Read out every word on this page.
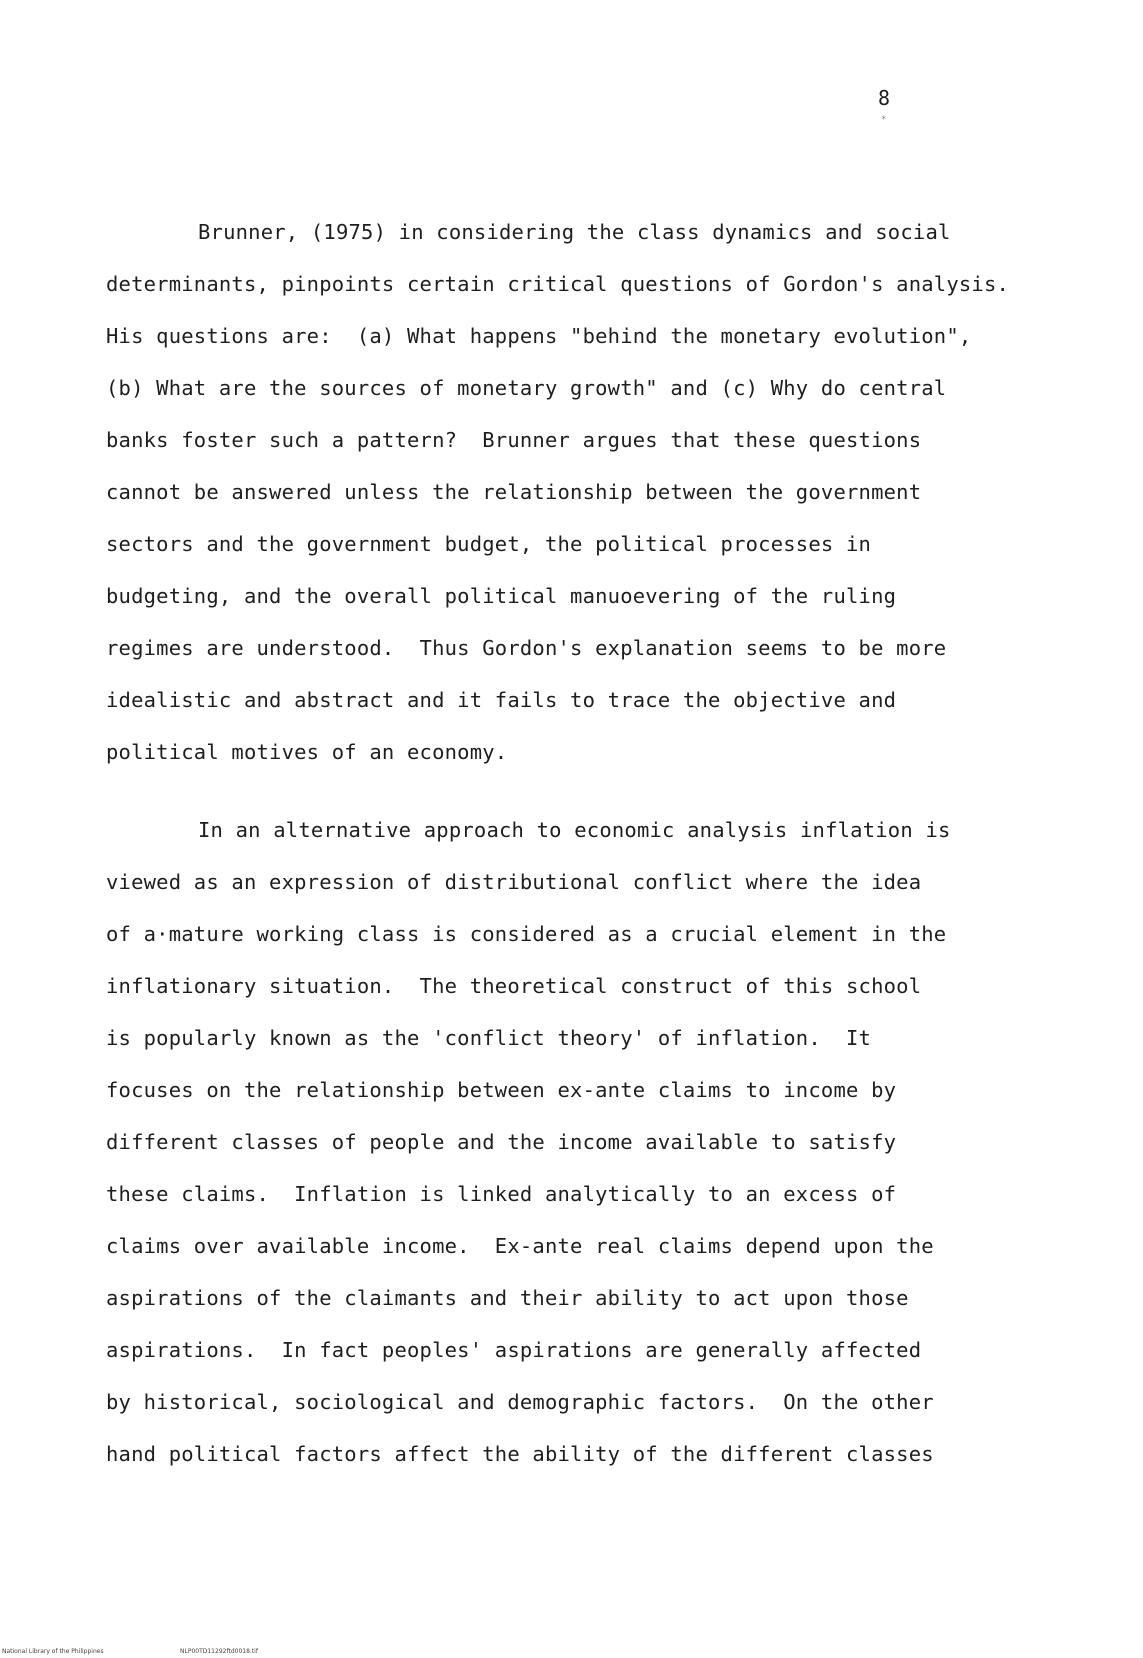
8
*
Brunner, (1975) in considering the class dynamics and social
determinants, pinpoints certain critical questions of Gordon's analysis.
His questions are:  (a) What happens "behind the monetary evolution",
(b) What are the sources of monetary growth" and (c) Why do central
banks foster such a pattern?  Brunner argues that these questions
cannot be answered unless the relationship between the government
sectors and the government budget, the political processes in
budgeting, and the overall political manuoevering of the ruling
regimes are understood.  Thus Gordon's explanation seems to be more
idealistic and abstract and it fails to trace the objective and
political motives of an economy.
In an alternative approach to economic analysis inflation is
viewed as an expression of distributional conflict where the idea
of a·mature working class is considered as a crucial element in the
inflationary situation.  The theoretical construct of this school
is popularly known as the 'conflict theory' of inflation.  It
focuses on the relationship between ex-ante claims to income by
different classes of people and the income available to satisfy
these claims.  Inflation is linked analytically to an excess of
claims over available income.  Ex-ante real claims depend upon the
aspirations of the claimants and their ability to act upon those
aspirations.  In fact peoples' aspirations are generally affected
by historical, sociological and demographic factors.  On the other
hand political factors affect the ability of the different classes
National Library of the Philippines	NLP00TD11292ftd0018.tif
